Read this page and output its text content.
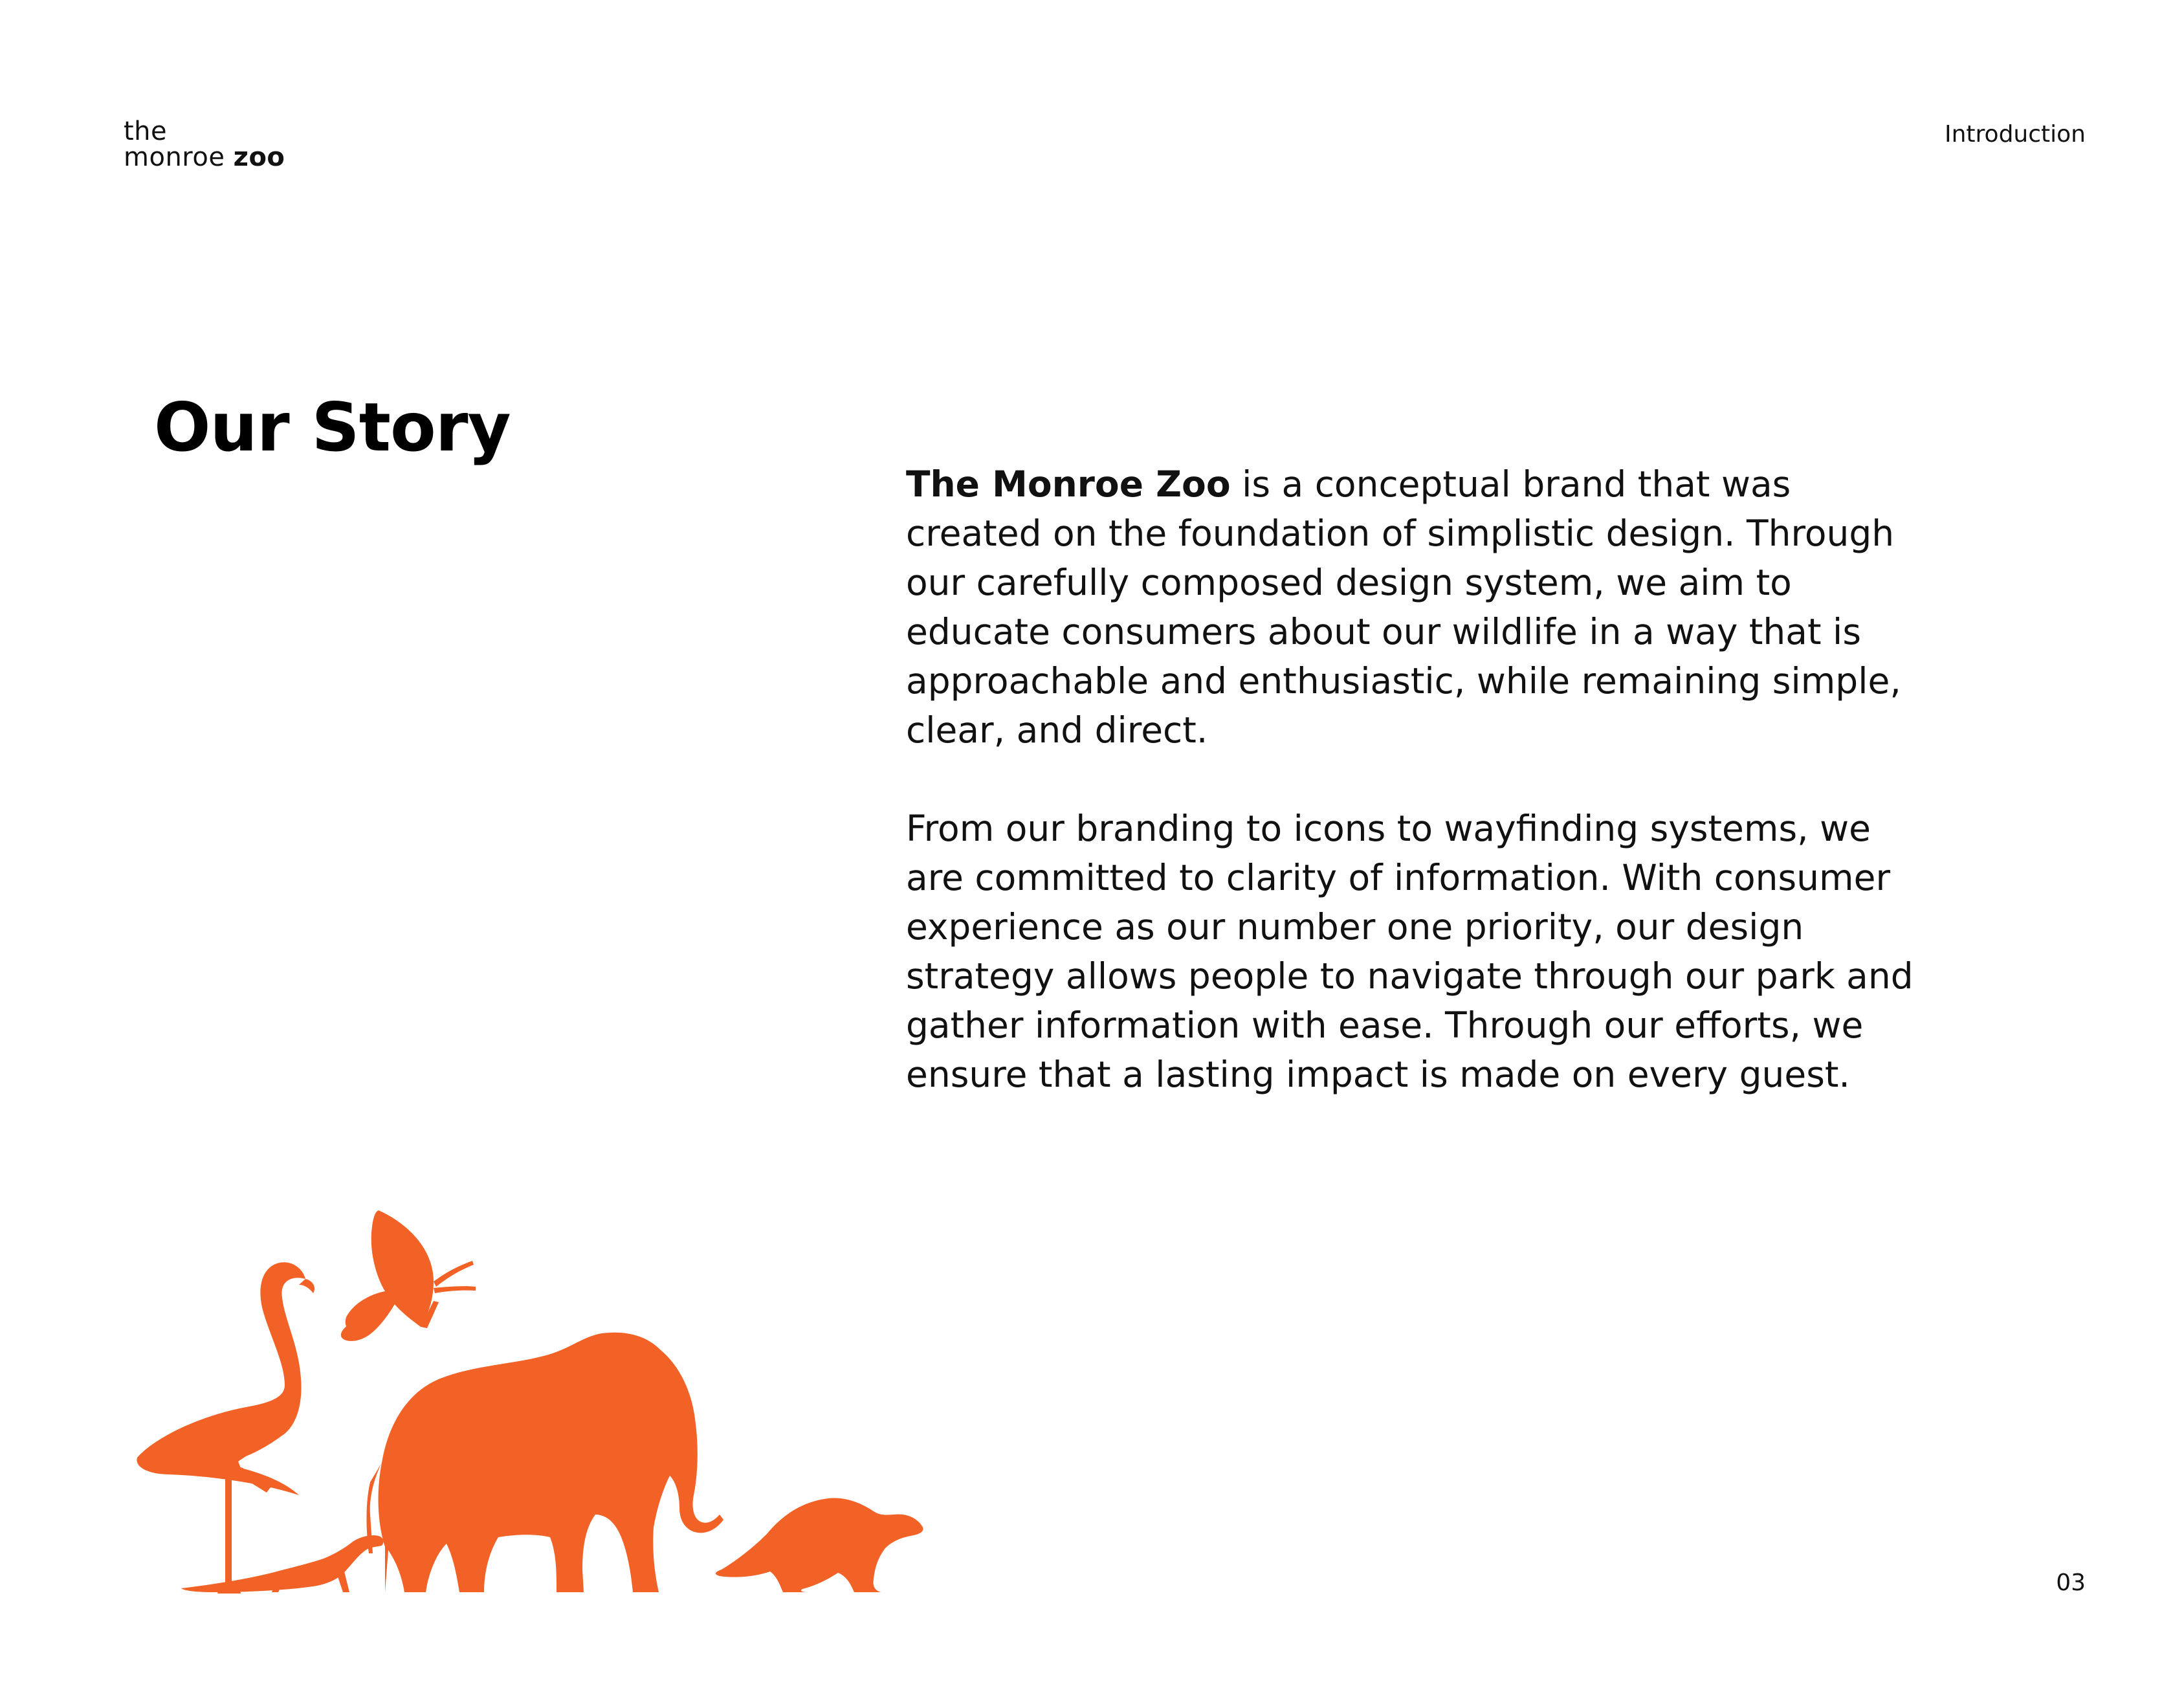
the
monroe zoo
Introduction
Our Story

The Monroe Zoo is a conceptual brand that was created on the foundation of simplistic design. Through our carefully composed design system, we aim to educate consumers about our wildlife in a way that is approachable and enthusiastic, while remaining simple, clear, and direct.

From our branding to icons to wayfinding systems, we are committed to clarity of information. With consumer experience as our number one priority, our design strategy allows people to navigate through our park and gather information with ease. Through our efforts, we ensure that a lasting impact is made on every guest.

03
